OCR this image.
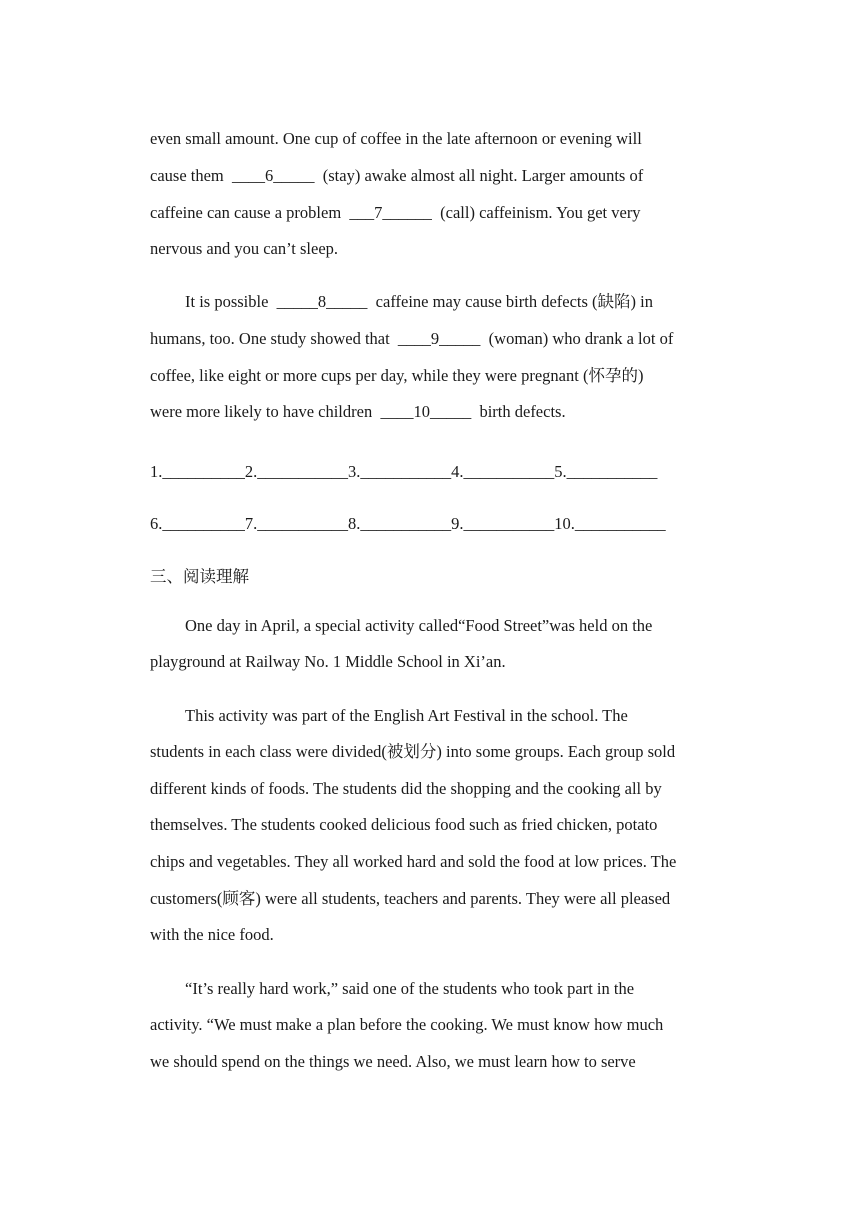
even small amount. One cup of coffee in the late afternoon or evening will
cause them  ____6_____  (stay) awake almost all night. Larger amounts of
caffeine can cause a problem  ___7______  (call) caffeinism. You get very
nervous and you can’t sleep.
It is possible  _____8_____  caffeine may cause birth defects (缺陷) in
humans, too. One study showed that  ____9_____  (woman) who drank a lot of
coffee, like eight or more cups per day, while they were pregnant (怀孕的)
were more likely to have children  ____10_____  birth defects.
1.__________2.___________3.___________4.___________5.___________
6.__________7.___________8.___________9.___________10.___________
三、阅读理解
One day in April, a special activity called“Food Street”was held on the
playground at Railway No. 1 Middle School in Xi’an.
This activity was part of the English Art Festival in the school. The
students in each class were divided(被划分) into some groups. Each group sold
different kinds of foods. The students did the shopping and the cooking all by
themselves. The students cooked delicious food such as fried chicken, potato
chips and vegetables. They all worked hard and sold the food at low prices. The
customers(顾客) were all students, teachers and parents. They were all pleased
with the nice food.
“It’s really hard work,” said one of the students who took part in the
activity. “We must make a plan before the cooking. We must know how much
we should spend on the things we need. Also, we must learn how to serve
